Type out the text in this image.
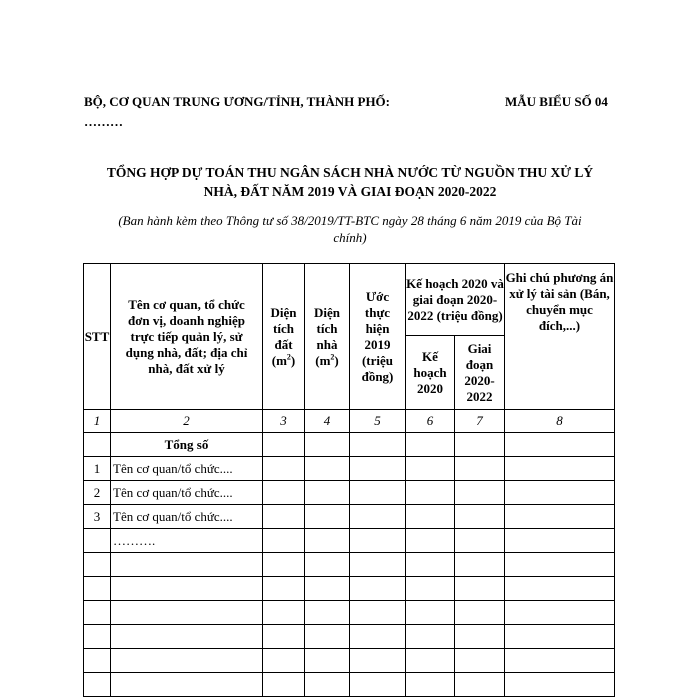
BỘ, CƠ QUAN TRUNG ƯƠNG/TỈNH, THÀNH PHỐ:
………
MẪU BIỂU SỐ 04
TỔNG HỢP DỰ TOÁN THU NGÂN SÁCH NHÀ NƯỚC TỪ NGUỒN THU XỬ LÝ
NHÀ, ĐẤT NĂM 2019 VÀ GIAI ĐOẠN 2020-2022
(Ban hành kèm theo Thông tư số 38/2019/TT-BTC ngày 28 tháng 6 năm 2019 của Bộ Tài
chính)
STT	Tên cơ quan, tổ chức đơn vị, doanh nghiệp trực tiếp quản lý, sử dụng nhà, đất; địa chỉ nhà, đất xử lý	Diện tích đất $(m^2)$	Diện tích nhà $(m^2)$	Ước thực hiện 2019 (triệu đồng)	Kế hoạch 2020 và giai đoạn 2020-2022 (triệu đồng)		Ghi chú phương án xử lý tài sản (Bán, chuyển mục đích,...)
					Kế hoạch 2020	Giai đoạn 2020-2022	
1	2	3	4	5	6	7	8
	Tổng số						
1	Tên cơ quan/tổ chức....						
2	Tên cơ quan/tổ chức....						
3	Tên cơ quan/tổ chức....						
	……….						
